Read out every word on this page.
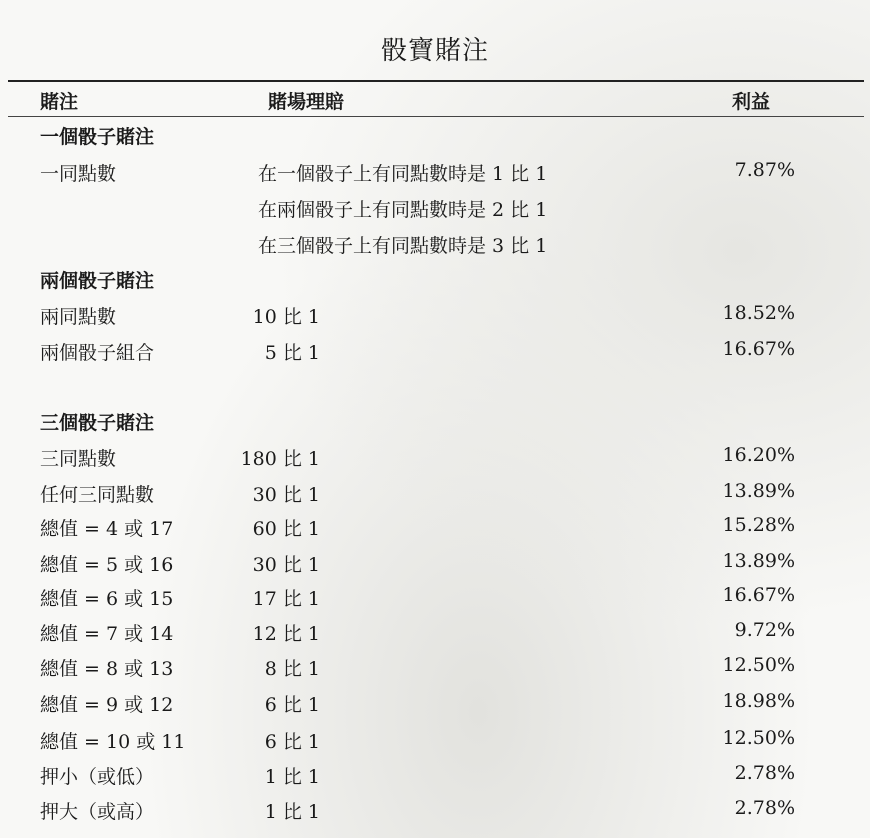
骰寶賭注
賭注	賭場理賠	利益
一個骰子賭注
一同點數	在一個骰子上有同點數時是 1 比 1	7.87%
在兩個骰子上有同點數時是 2 比 1
在三個骰子上有同點數時是 3 比 1
兩個骰子賭注
兩同點數	10 比 1	18.52%
兩個骰子組合	5 比 1	16.67%
三個骰子賭注
三同點數	180 比 1	16.20%
任何三同點數	30 比 1	13.89%
總值 = 4 或 17	60 比 1	15.28%
總值 = 5 或 16	30 比 1	13.89%
總值 = 6 或 15	17 比 1	16.67%
總值 = 7 或 14	12 比 1	9.72%
總值 = 8 或 13	8 比 1	12.50%
總值 = 9 或 12	6 比 1	18.98%
總值 = 10 或 11	6 比 1	12.50%
押小（或低）	1 比 1	2.78%
押大（或高）	1 比 1	2.78%
